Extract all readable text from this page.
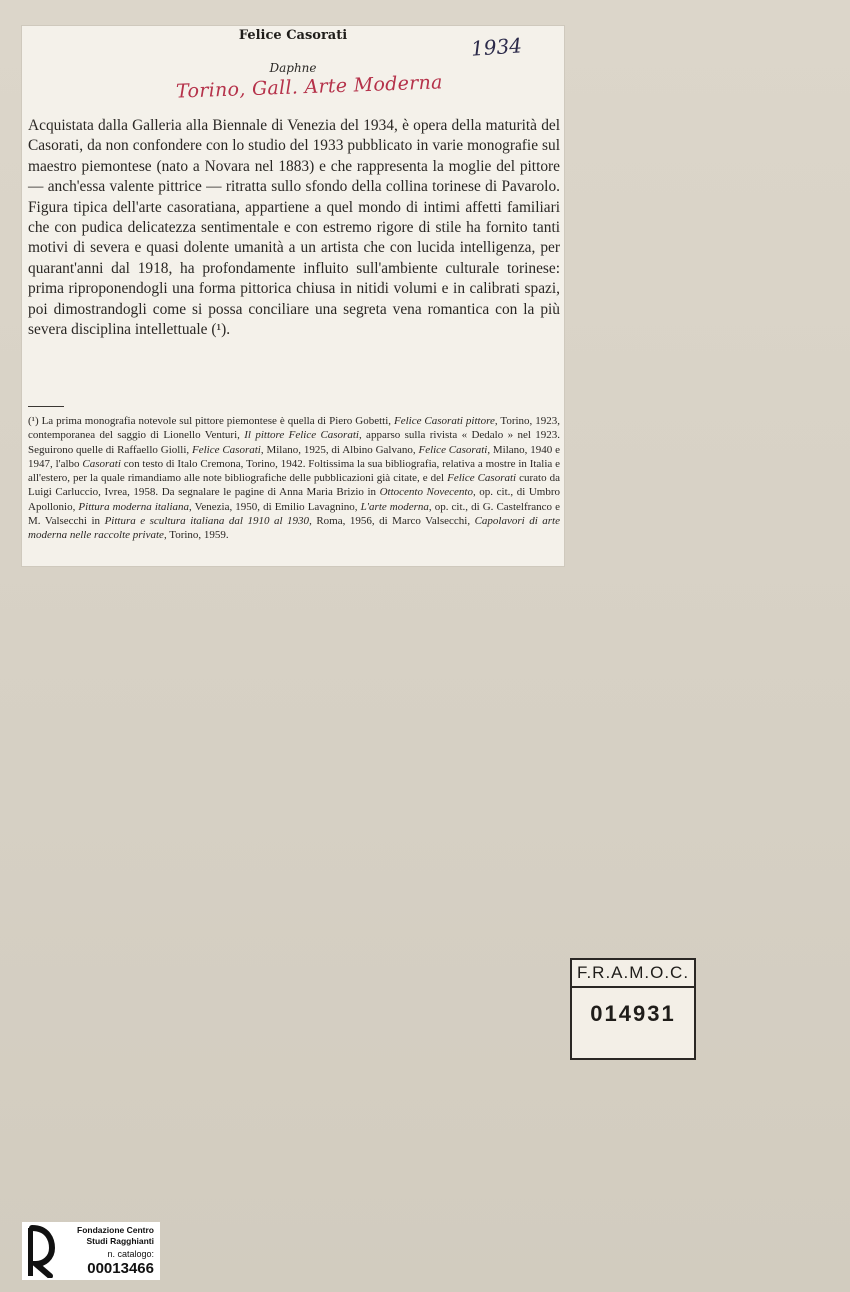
Felice Casorati	1934
Daphne
Torino, Gall. Arte Moderna
Acquistata dalla Galleria alla Biennale di Venezia del 1934, è opera della maturità del Casorati, da non confondere con lo studio del 1933 pubblicato in varie monografie sul maestro piemontese (nato a Novara nel 1883) e che rappresenta la moglie del pittore — anch'essa valente pittrice — ritratta sullo sfondo della collina torinese di Pavarolo. Figura tipica dell'arte casoratiana, appartiene a quel mondo di intimi affetti familiari che con pudica delicatezza sentimentale e con estremo rigore di stile ha fornito tanti motivi di severa e quasi dolente umanità a un artista che con lucida intelligenza, per quarant'anni dal 1918, ha profondamente influito sull'ambiente culturale torinese: prima riproponendogli una forma pittorica chiusa in nitidi volumi e in calibrati spazi, poi dimostrandogli come si possa conciliare una segreta vena romantica con la più severa disciplina intellettuale (¹).
(¹) La prima monografia notevole sul pittore piemontese è quella di Piero Gobetti, Felice Casorati pittore, Torino, 1923, contemporanea del saggio di Lionello Venturi, Il pittore Felice Casorati, apparso sulla rivista « Dedalo » nel 1923. Seguirono quelle di Raffaello Giolli, Felice Casorati, Milano, 1925, di Albino Galvano, Felice Casorati, Milano, 1940 e 1947, l'albo Casorati con testo di Italo Cremona, Torino, 1942. Foltissima la sua bibliografia, relativa a mostre in Italia e all'estero, per la quale rimandiamo alle note bibliografiche delle pubblicazioni già citate, e del Felice Casorati curato da Luigi Carluccio, Ivrea, 1958. Da segnalare le pagine di Anna Maria Brizio in Ottocento Novecento, op. cit., di Umbro Apollonio, Pittura moderna italiana, Venezia, 1950, di Emilio Lavagnino, L'arte moderna, op. cit., di G. Castelfranco e M. Valsecchi in Pittura e scultura italiana dal 1910 al 1930, Roma, 1956, di Marco Valsecchi, Capolavori di arte moderna nelle raccolte private, Torino, 1959.
F.R.A.M.O.C.
014931
Fondazione Centro
Studi Ragghianti
n. catalogo:
00013466
